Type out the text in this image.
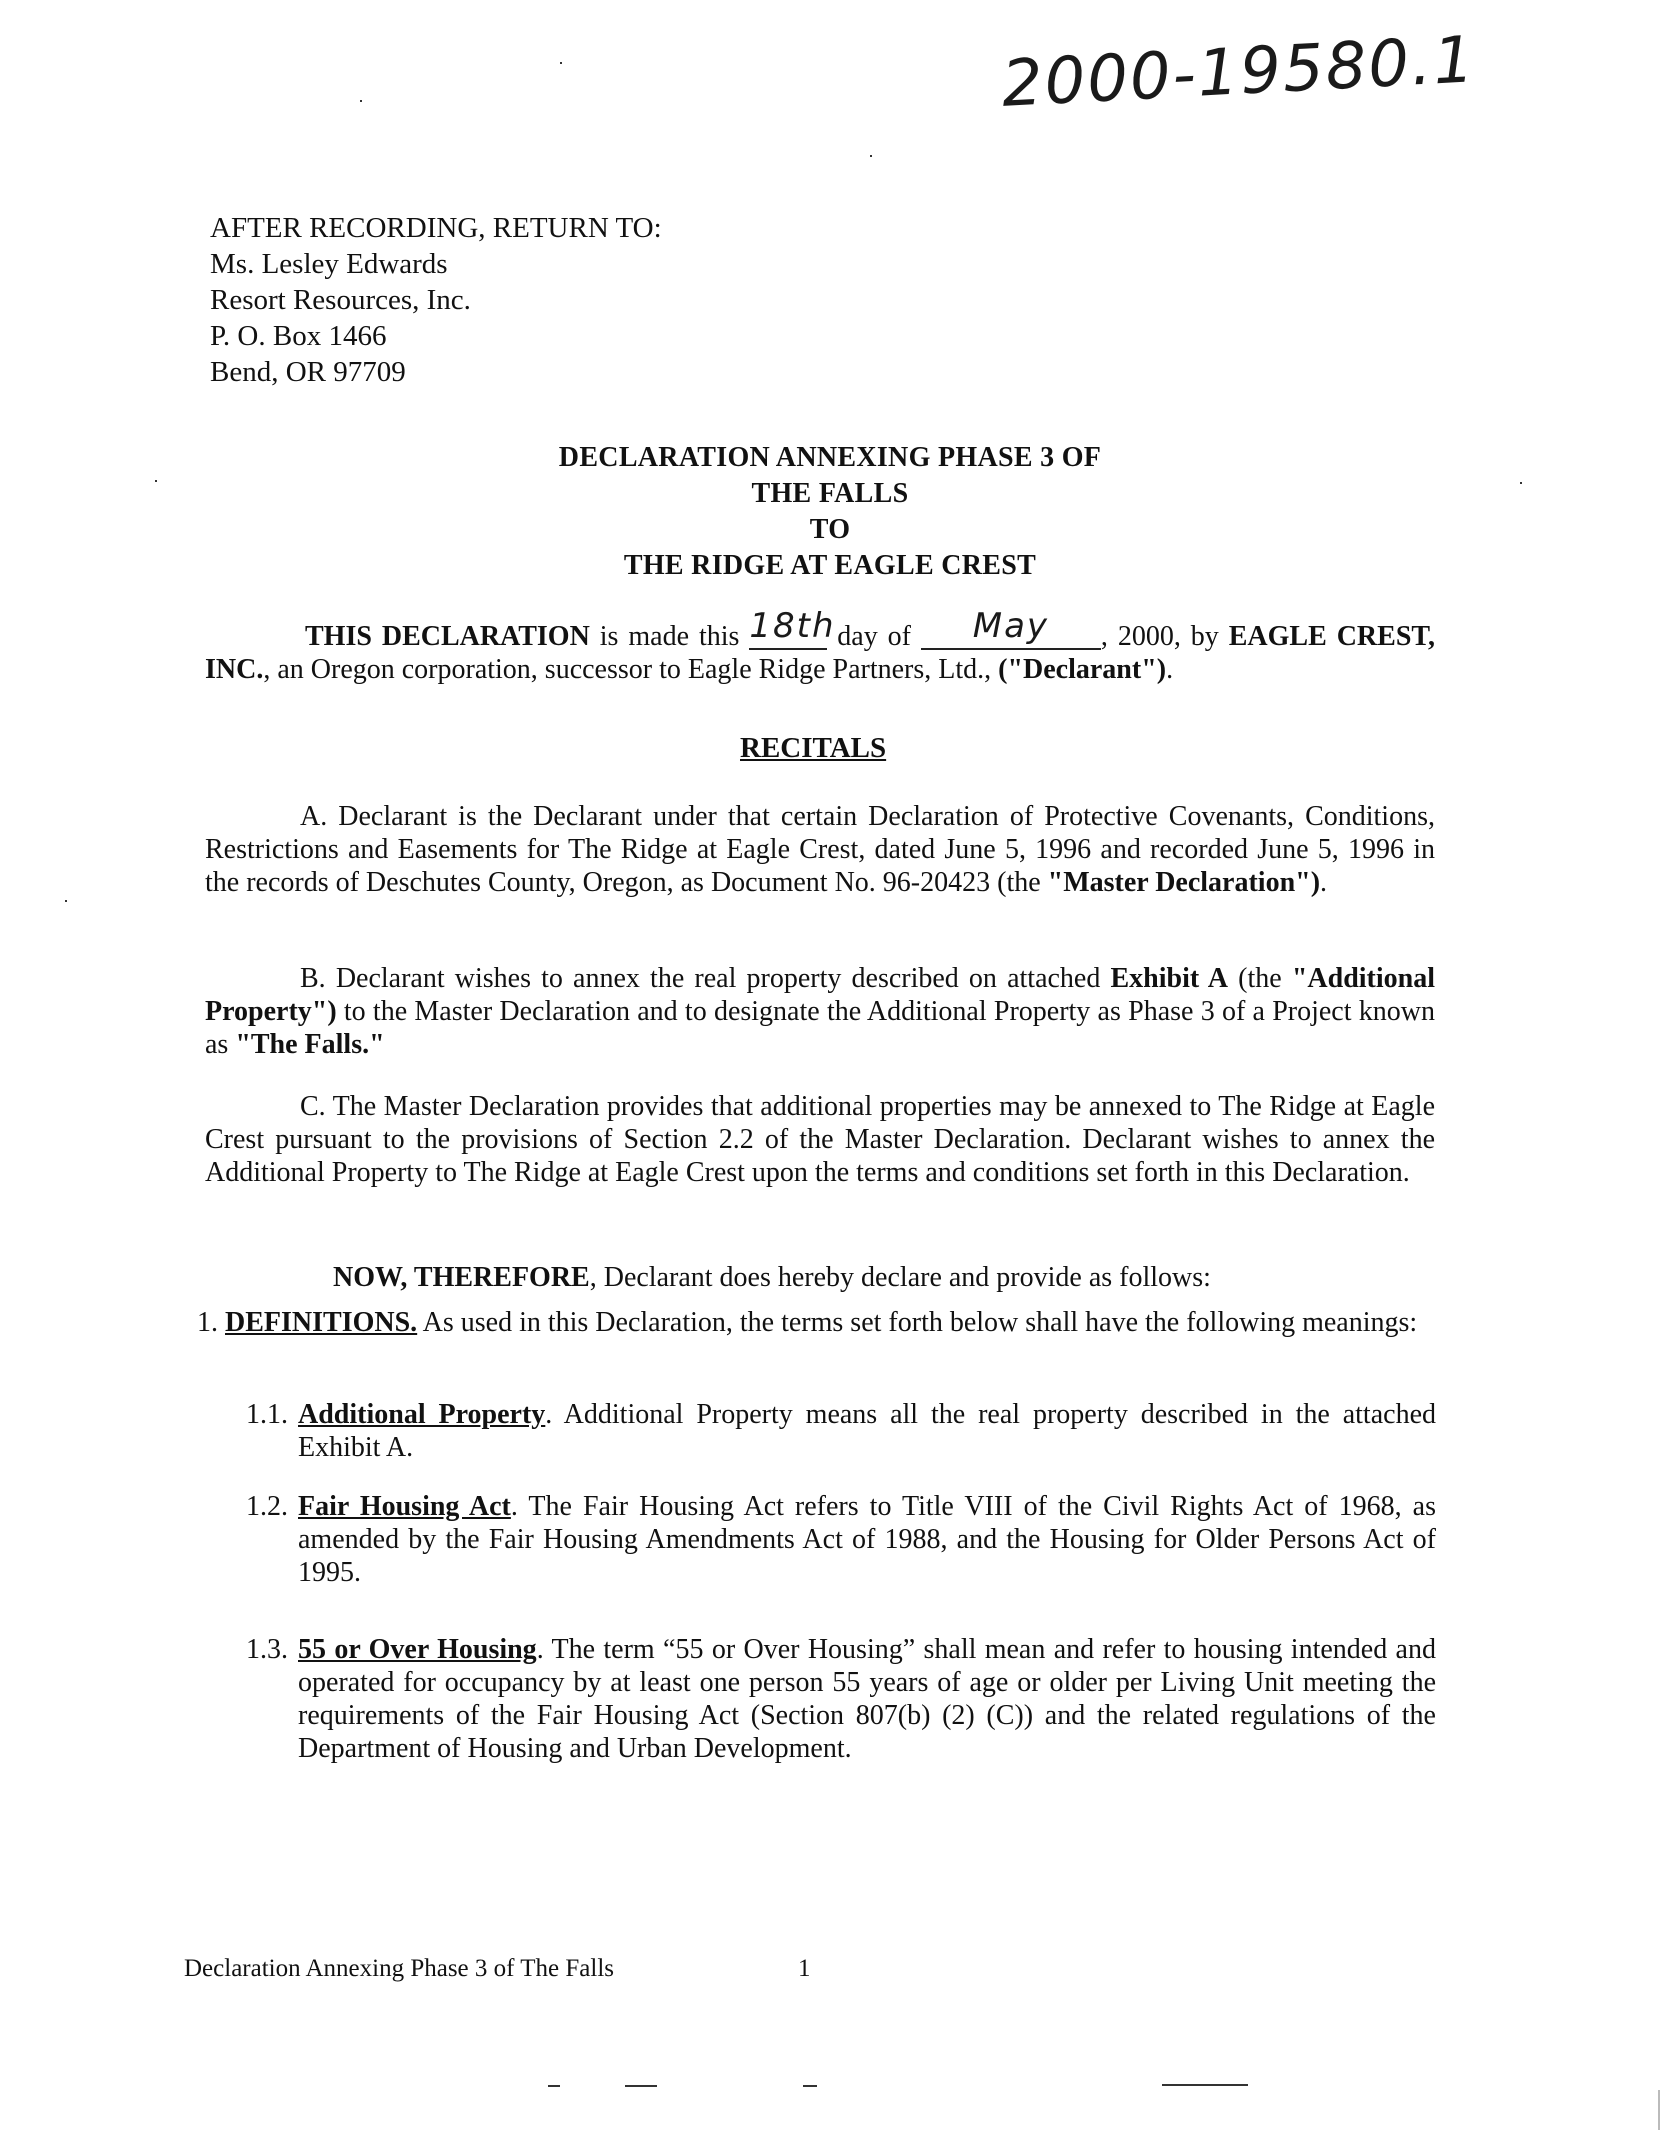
2000-19580.1
AFTER RECORDING, RETURN TO:
Ms. Lesley Edwards
Resort Resources, Inc.
P. O. Box 1466
Bend, OR 97709
DECLARATION ANNEXING PHASE 3 OF
THE FALLS
TO
THE RIDGE AT EAGLE CREST
THIS DECLARATION is made this 18th day of May , 2000, by EAGLE CREST, INC., an Oregon corporation, successor to Eagle Ridge Partners, Ltd., ("Declarant").
RECITALS
A. Declarant is the Declarant under that certain Declaration of Protective Covenants, Conditions, Restrictions and Easements for The Ridge at Eagle Crest, dated June 5, 1996 and recorded June 5, 1996 in the records of Deschutes County, Oregon, as Document No. 96-20423 (the "Master Declaration").
B. Declarant wishes to annex the real property described on attached Exhibit A (the "Additional Property") to the Master Declaration and to designate the Additional Property as Phase 3 of a Project known as "The Falls."
C. The Master Declaration provides that additional properties may be annexed to The Ridge at Eagle Crest pursuant to the provisions of Section 2.2 of the Master Declaration. Declarant wishes to annex the Additional Property to The Ridge at Eagle Crest upon the terms and conditions set forth in this Declaration.
NOW, THEREFORE, Declarant does hereby declare and provide as follows:
1. DEFINITIONS. As used in this Declaration, the terms set forth below shall have the following meanings:
1.1. Additional Property. Additional Property means all the real property described in the attached Exhibit A.
1.2. Fair Housing Act. The Fair Housing Act refers to Title VIII of the Civil Rights Act of 1968, as amended by the Fair Housing Amendments Act of 1988, and the Housing for Older Persons Act of 1995.
1.3. 55 or Over Housing. The term “55 or Over Housing” shall mean and refer to housing intended and operated for occupancy by at least one person 55 years of age or older per Living Unit meeting the requirements of the Fair Housing Act (Section 807(b) (2) (C)) and the related regulations of the Department of Housing and Urban Development.
Declaration Annexing Phase 3 of The Falls	1
